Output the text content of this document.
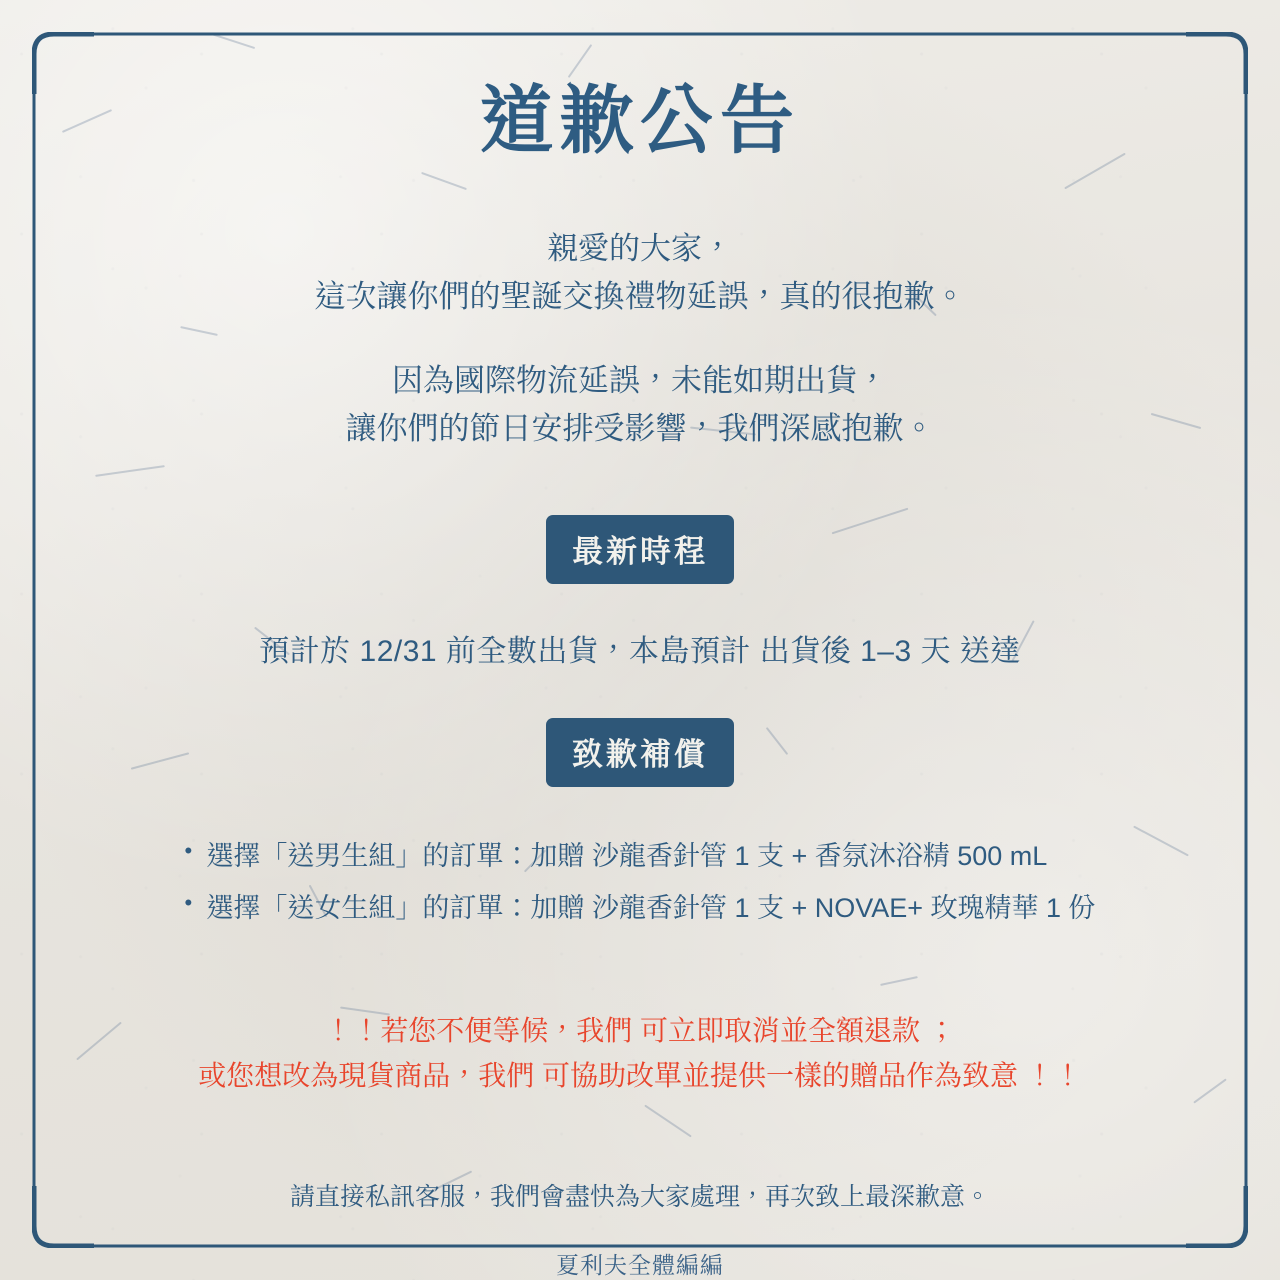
道歉公告
親愛的大家，
這次讓你們的聖誕交換禮物延誤，真的很抱歉。
因為國際物流延誤，未能如期出貨，
讓你們的節日安排受影響，我們深感抱歉。
最新時程
預計於 12/31 前全數出貨，本島預計 出貨後 1–3 天 送達
致歉補償
• 選擇「送男生組」的訂單：加贈 沙龍香針管 1 支 + 香氛沐浴精 500 mL
• 選擇「送女生組」的訂單：加贈 沙龍香針管 1 支 + NOVAE+ 玫瑰精華 1 份
！！若您不便等候，我們 可立即取消並全額退款 ；
或您想改為現貨商品，我們 可協助改單並提供一樣的贈品作為致意 ！！
請直接私訊客服，我們會盡快為大家處理，再次致上最深歉意。
夏利夫全體編編
